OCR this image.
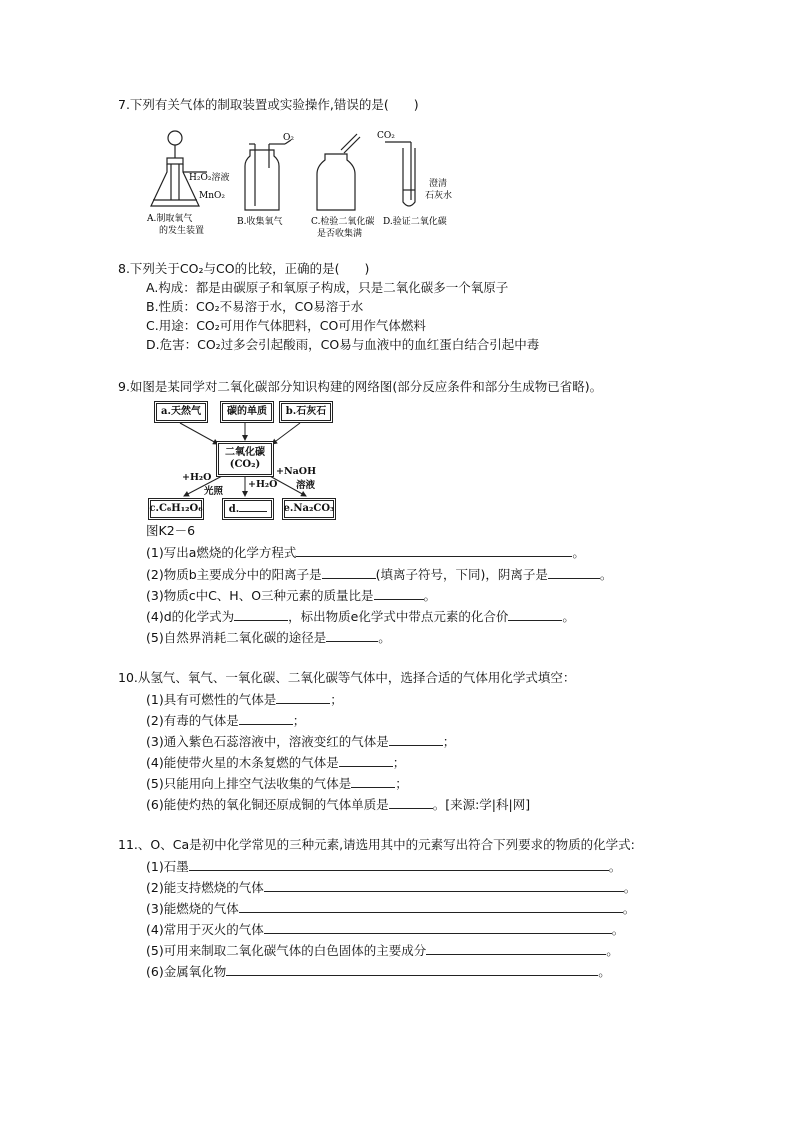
7.下列有关气体的制取装置或实验操作,错误的是(　　)
H₂O₂溶液
MnO₂
A.制取氧气
的发生装置
O₂
B.收集氧气	C.检验二氧化碳
是否收集满
CO₂
澄清
石灰水
D.验证二氧化碳
8.下列关于CO₂与CO的比较，正确的是(　　)
A.构成：都是由碳原子和氧原子构成，只是二氧化碳多一个氧原子
B.性质：CO₂不易溶于水，CO易溶于水
C.用途：CO₂可用作气体肥料，CO可用作气体燃料
D.危害：CO₂过多会引起酸雨，CO易与血液中的血红蛋白结合引起中毒
9.如图是某同学对二氧化碳部分知识构建的网络图(部分反应条件和部分生成物已省略)。
a.天然气	碳的单质	b.石灰石
二氧化碳
(CO₂)
+H₂O
光照
+H₂O
+NaOH
溶液
c.C₆H₁₂O₆	d.	e.Na₂CO₃
图K2－6
(1)写出a燃烧的化学方程式	。
(2)物质b主要成分中的阳离子是	(填离子符号，下同)，阴离子是	。
(3)物质c中C、H、O三种元素的质量比是	。
(4)d的化学式为	，标出物质e化学式中带点元素的化合价	。
(5)自然界消耗二氧化碳的途径是	。
10.从氢气、氧气、一氧化碳、二氧化碳等气体中，选择合适的气体用化学式填空：
(1)具有可燃性的气体是	；
(2)有毒的气体是	；
(3)通入紫色石蕊溶液中，溶液变红的气体是	；
(4)能使带火星的木条复燃的气体是	；
(5)只能用向上排空气法收集的气体是	；
(6)能使灼热的氧化铜还原成铜的气体单质是	。[来源:学|科|网]
11.、O、Ca是初中化学常见的三种元素,请选用其中的元素写出符合下列要求的物质的化学式:
(1)石墨	。
(2)能支持燃烧的气体	。
(3)能燃烧的气体	。
(4)常用于灭火的气体	。
(5)可用来制取二氧化碳气体的白色固体的主要成分	。
(6)金属氧化物	。
